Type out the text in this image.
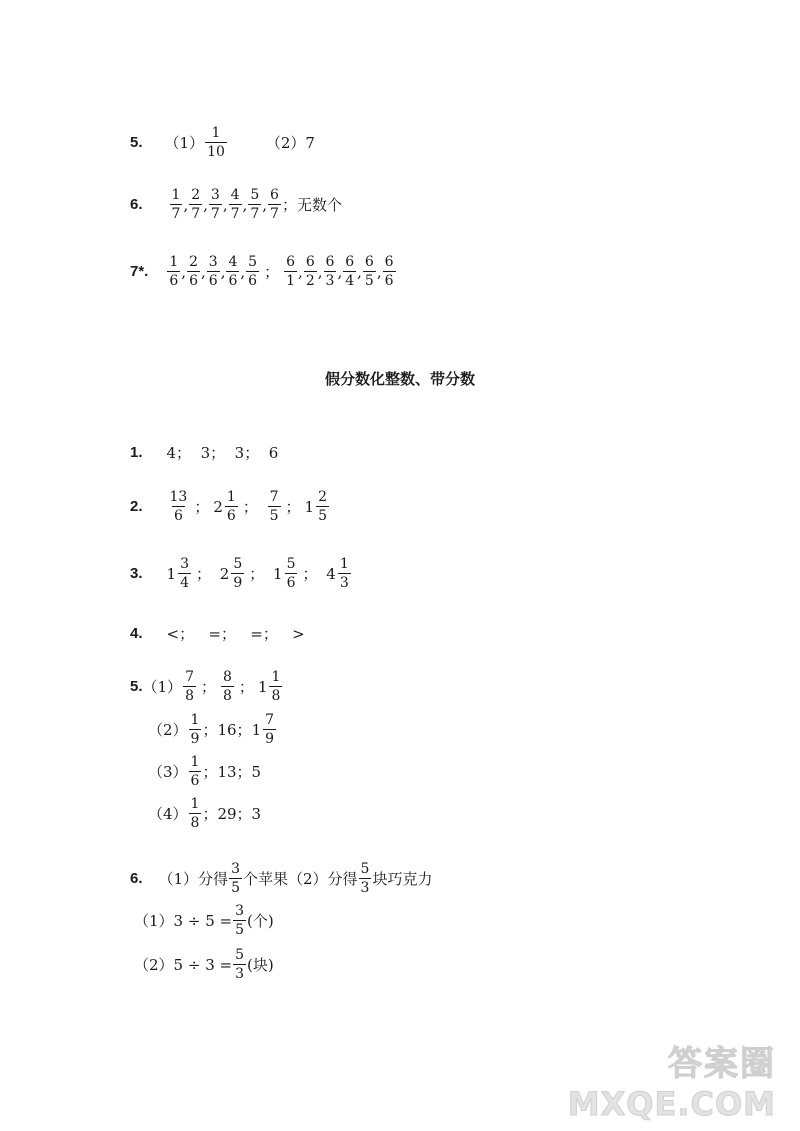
5. $(1) \frac{1}{10}$	（2）7
6. $\frac{1}{7}$ , $\frac{2}{7}$ , $\frac{3}{7}$ , $\frac{4}{7}$ , $\frac{5}{7}$ , $\frac{6}{7}$ ；无数个
7*. $\frac{1}{6}$ , $\frac{2}{6}$ , $\frac{3}{6}$ , $\frac{4}{6}$ , $\frac{5}{6}$ ； $\frac{6}{1}$ , $\frac{6}{2}$ , $\frac{6}{3}$ , $\frac{6}{4}$ , $\frac{6}{5}$ , $\frac{6}{6}$
假分数化整数、带分数
1. 4；  3；  3；  6
2. $\frac{13}{6}$ ； $2 \frac{1}{6}$ ； $\frac{7}{5}$ ； $1 \frac{2}{5}$
3. $1 \frac{3}{4}$ ； $2 \frac{5}{9}$ ； $1 \frac{5}{6}$ ； $4 \frac{1}{3}$
4. <；   =；   =；   >
5. $(1) \frac{7}{8}$ ； $\frac{8}{8}$ ； $1 \frac{1}{8}$
$(2) \frac{1}{9}$ ；16； $1 \frac{7}{9}$
$(3) \frac{1}{6}$ ；13；5
$(4) \frac{1}{8}$ ；29；3
6. （1）分得 $\frac{3}{5}$ 个苹果（2）分得 $\frac{5}{3}$ 块巧克力
$(1)3 \div 5 = \frac{3}{5}$ (个)
$(2)5 \div 3 = \frac{5}{3}$ (块)
答案圈
MXQE.COM
